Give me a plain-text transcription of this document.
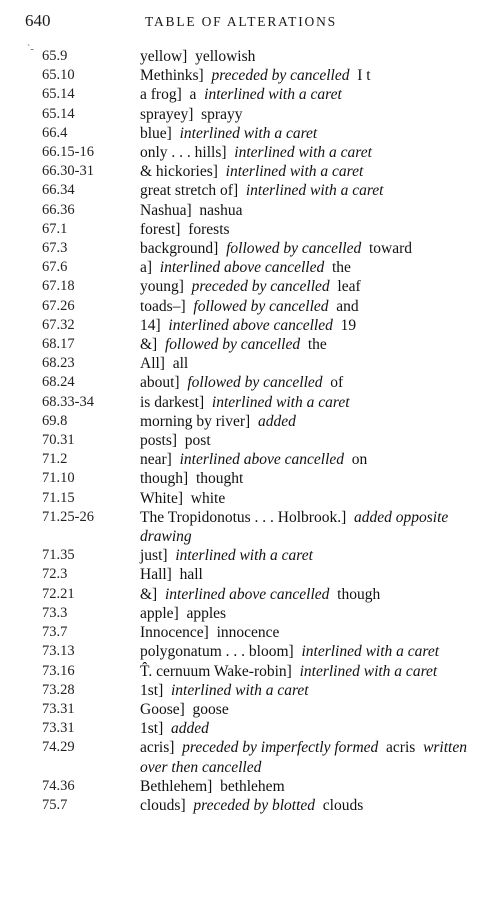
640	TABLE OF ALTERATIONS
`- 65.9	yellow]  yellowish 
65.10	Methinks]  preceded by cancelled  I t 
65.14	a frog]  a  interlined with a caret 
65.14	sprayey]  sprayy 
66.4	blue]  interlined with a caret 
66.15-16	only . . . hills]  interlined with a caret 
66.30-31	& hickories]  interlined with a caret 
66.34	great stretch of]  interlined with a caret 
66.36	Nashua]  nashua 
67.1	forest]  forests 
67.3	background]  followed by cancelled  toward 
67.6	a]  interlined above cancelled  the 
67.18	young]  preceded by cancelled  leaf 
67.26	toads–]  followed by cancelled  and 
67.32	14]  interlined above cancelled  19 
68.17	&]  followed by cancelled  the 
68.23	All]  all 
68.24	about]  followed by cancelled  of 
68.33-34	is darkest]  interlined with a caret 
69.8	morning by river]  added 
70.31	posts]  post 
71.2	near]  interlined above cancelled  on 
71.10	though]  thought 
71.15	White]  white 
71.25-26	The Tropidonotus . . . Holbrook.]  added opposite drawing 
71.35	just]  interlined with a caret 
72.3	Hall]  hall 
72.21	&]  interlined above cancelled  though 
73.3	apple]  apples 
73.7	Innocence]  innocence 
73.13	polygonatum . . . bloom]  interlined with a caret 
73.16	T̂. cernuum Wake-robin]  interlined with a caret 
73.28	1st]  interlined with a caret 
73.31	Goose]  goose 
73.31	1st]  added 
74.29	acris]  preceded by imperfectly formed  acris  written over then cancelled 
74.36	Bethlehem]  bethlehem 
75.7	clouds]  preceded by blotted  clouds 
